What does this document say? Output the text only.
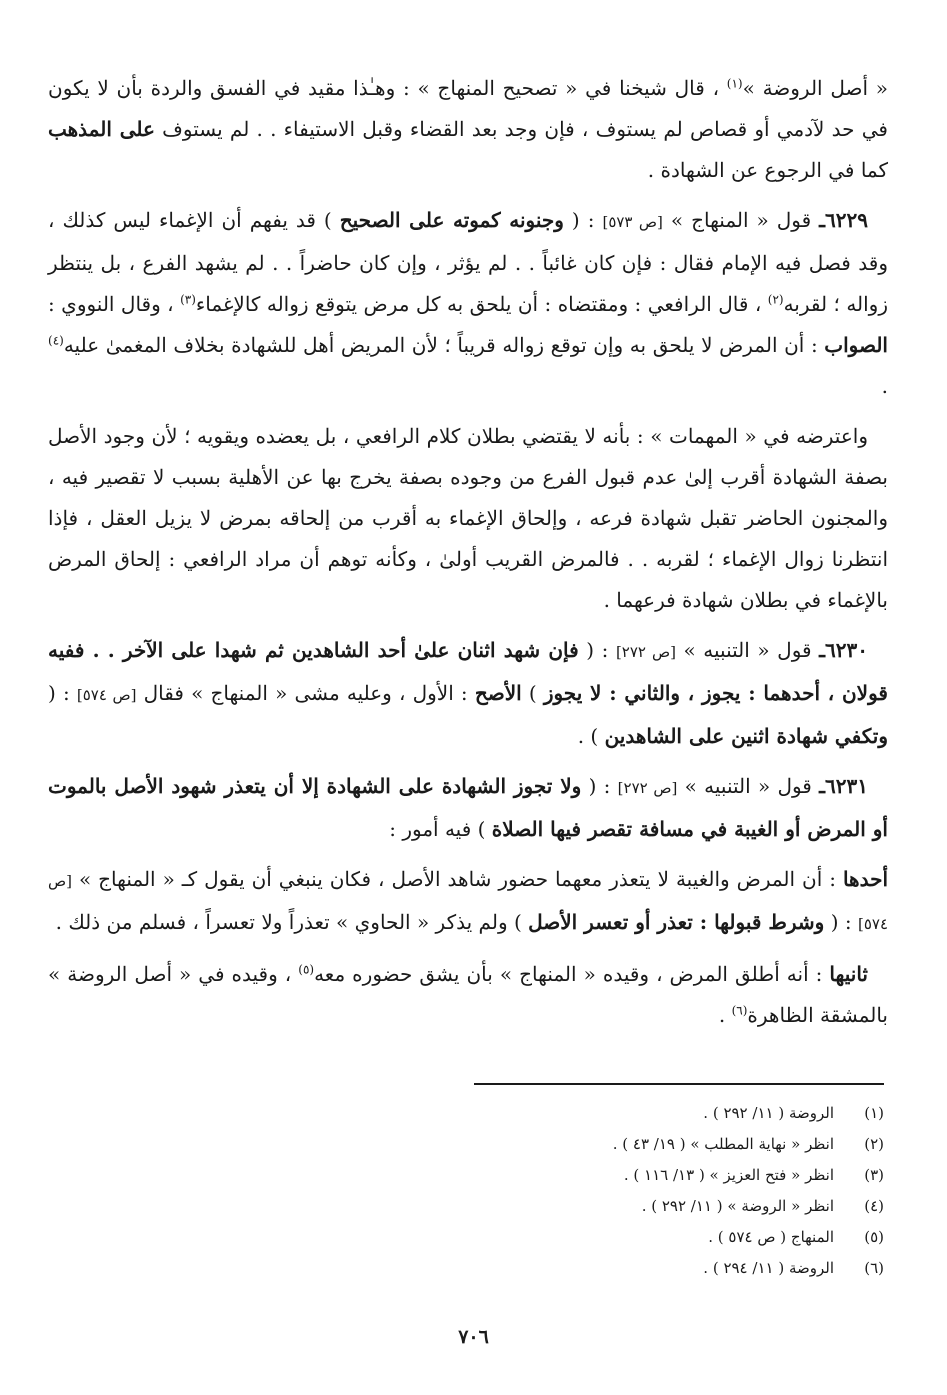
« أصل الروضة »$^{(١)}$ ، قال شيخنا في « تصحيح المنهاج » : وهـٰذا مقيد في الفسق والردة بأن لا يكون في حد لآدمي أو قصاص لم يستوف ، فإن وجد بعد القضاء وقبل الاستيفاء . . لم يستوف على المذهب كما في الرجوع عن الشهادة .

٦٢٢٩ـ قول « المنهاج » [ص ٥٧٣] : ( وجنونه كموته على الصحيح ) قد يفهم أن الإغماء ليس كذلك ، وقد فصل فيه الإمام فقال : فإن كان غائباً . . لم يؤثر ، وإن كان حاضراً . . لم يشهد الفرع ، بل ينتظر زواله ؛ لقربه$^{(٢)}$ ، قال الرافعي : ومقتضاه : أن يلحق به كل مرض يتوقع زواله كالإغماء$^{(٣)}$ ، وقال النووي : الصواب : أن المرض لا يلحق به وإن توقع زواله قريباً ؛ لأن المريض أهل للشهادة بخلاف المغمىٰ عليه$^{(٤)}$ .

واعترضه في « المهمات » : بأنه لا يقتضي بطلان كلام الرافعي ، بل يعضده ويقويه ؛ لأن وجود الأصل بصفة الشهادة أقرب إلىٰ عدم قبول الفرع من وجوده بصفة يخرج بها عن الأهلية بسبب لا تقصير فيه ، والمجنون الحاضر تقبل شهادة فرعه ، وإلحاق الإغماء به أقرب من إلحاقه بمرض لا يزيل العقل ، فإذا انتظرنا زوال الإغماء ؛ لقربه . . فالمرض القريب أولىٰ ، وكأنه توهم أن مراد الرافعي : إلحاق المرض بالإغماء في بطلان شهادة فرعهما .

٦٢٣٠ـ قول « التنبيه » [ص ٢٧٢] : ( فإن شهد اثنان علىٰ أحد الشاهدين ثم شهدا على الآخر . . ففيه قولان ، أحدهما : يجوز ، والثاني : لا يجوز ) الأصح : الأول ، وعليه مشى « المنهاج » فقال [ص ٥٧٤] : ( وتكفي شهادة اثنين على الشاهدين ) .

٦٢٣١ـ قول « التنبيه » [ص ٢٧٢] : ( ولا تجوز الشهادة على الشهادة إلا أن يتعذر شهود الأصل بالموت أو المرض أو الغيبة في مسافة تقصر فيها الصلاة ) فيه أمور :

أحدها : أن المرض والغيبة لا يتعذر معهما حضور شاهد الأصل ، فكان ينبغي أن يقول كـ « المنهاج » [ص ٥٧٤] : ( وشرط قبولها : تعذر أو تعسر الأصل ) ولم يذكر « الحاوي » تعذراً ولا تعسراً ، فسلم من ذلك .

ثانيها : أنه أطلق المرض ، وقيده « المنهاج » بأن يشق حضوره معه$^{(٥)}$ ، وقيده في « أصل الروضة » بالمشقة الظاهرة$^{(٦)}$ .

(١)
الروضة ( ١١/ ٢٩٢ ) .
(٢)
انظر « نهاية المطلب » ( ١٩/ ٤٣ ) .
(٣)
انظر « فتح العزيز » ( ١٣/ ١١٦ ) .
(٤)
انظر « الروضة » ( ١١/ ٢٩٢ ) .
(٥)
المنهاج ( ص ٥٧٤ ) .
(٦)
الروضة ( ١١/ ٢٩٤ ) .
٧٠٦
